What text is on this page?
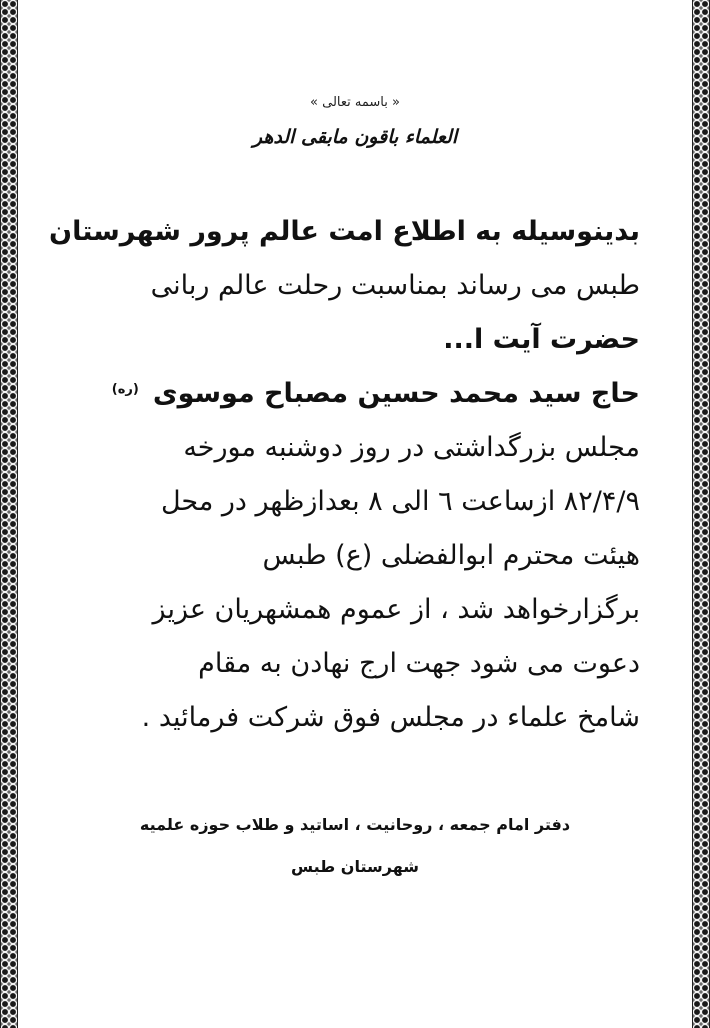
« باسمه تعالی »
العلماء باقون مابقی الدهر
بدینوسیله به اطلاع امت عالم پرور شهرستان
طبس می رساند بمناسبت رحلت عالم ربانی
حضرت آیت ا...
حاج سید محمد حسین مصباح موسوی$^{(ره)}$
مجلس بزرگداشتی در روز دوشنبه مورخه
۸۲/۴/۹ ازساعت ٦ الی ۸ بعدازظهر در محل
هیئت محترم ابوالفضلی (ع) طبس
برگزارخواهد شد ، از عموم همشهریان عزیز
دعوت می شود جهت ارج نهادن به مقام
شامخ علماء در مجلس فوق شرکت فرمائید .
دفتر امام جمعه ، روحانیت ، اساتید و طلاب حوزه علمیه
شهرستان طبس
